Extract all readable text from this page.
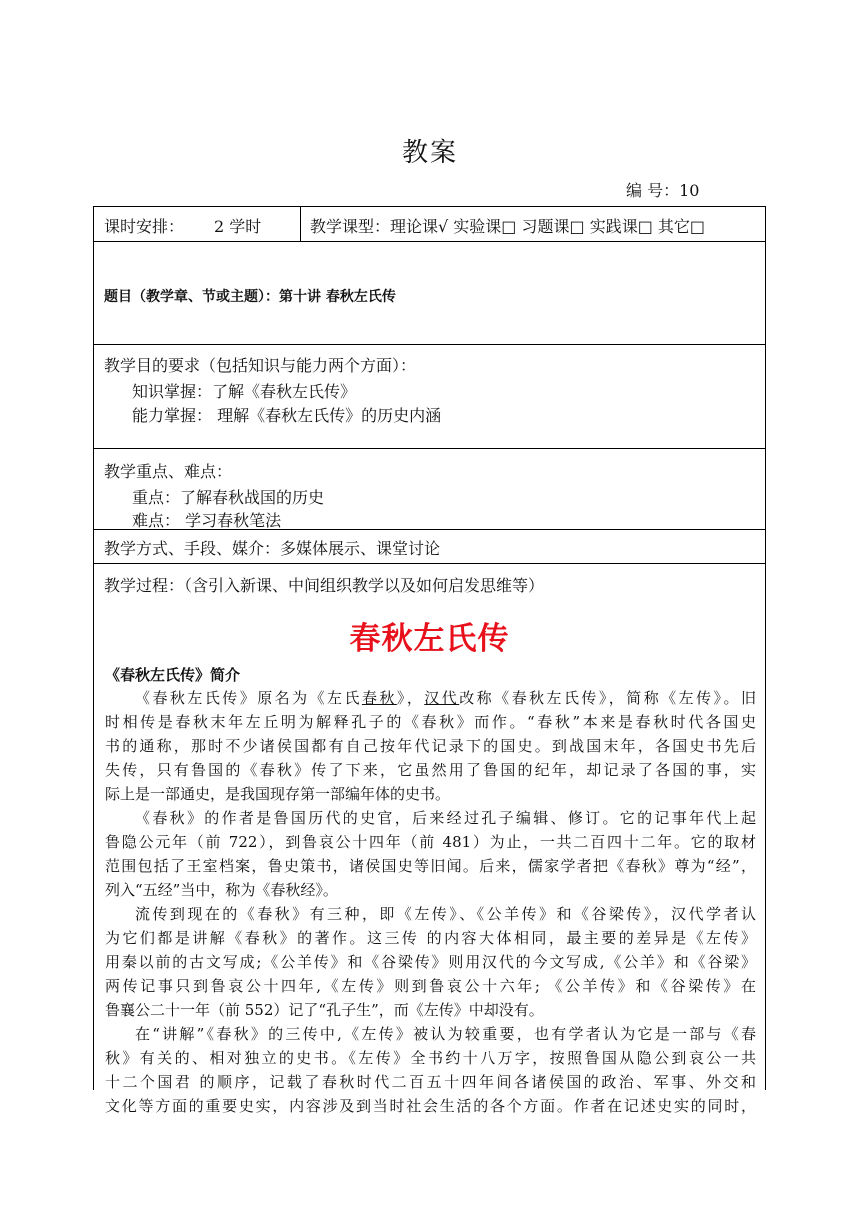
教案
编 号：10
课时安排： 2 学时	教学课型：理论课√ 实验课□ 习题课□ 实践课□ 其它□
题目（教学章、节或主题）：第十讲 春秋左氏传
教学目的要求（包括知识与能力两个方面）：
知识掌握：了解《春秋左氏传》
能力掌握： 理解《春秋左氏传》的历史内涵
教学重点、难点：
重点：了解春秋战国的历史
难点： 学习春秋笔法
教学方式、手段、媒介：多媒体展示、课堂讨论
教学过程：（含引入新课、中间组织教学以及如何启发思维等）
春秋左氏传
《春秋左氏传》简介
《春秋左氏传》原名为《左氏春秋》，汉代改称《春秋左氏传》，简称《左传》。旧
时相传是春秋末年左丘明为解释孔子的《春秋》而作。“春秋”本来是春秋时代各国史
书的通称，那时不少诸侯国都有自己按年代记录下的国史。到战国末年，各国史书先后
失传，只有鲁国的《春秋》传了下来，它虽然用了鲁国的纪年，却记录了各国的事，实
际上是一部通史，是我国现存第一部编年体的史书。
《春秋》的作者是鲁国历代的史官，后来经过孔子编辑、修订。它的记事年代上起
鲁隐公元年（前 722），到鲁哀公十四年（前 481）为止，一共二百四十二年。它的取材
范围包括了王室档案，鲁史策书，诸侯国史等旧闻。后来，儒家学者把《春秋》尊为“经”，
列入“五经”当中，称为《春秋经》。
流传到现在的《春秋》有三种，即《左传》、《公羊传》和《谷梁传》，汉代学者认
为它们都是讲解《春秋》的著作。这三传 的内容大体相同，最主要的差异是《左传》
用秦以前的古文写成;《公羊传》和《谷梁传》则用汉代的今文写成,《公羊》和《谷梁》
两传记事只到鲁哀公十四年,《左传》则到鲁哀公十六年; 《公羊传》和《谷梁传》在
鲁襄公二十一年（前 552）记了“孔子生”，而《左传》中却没有。
在“讲解”《春秋》的三传中,《左传》被认为较重要，也有学者认为它是一部与《春
秋》有关的、相对独立的史书。《左传》全书约十八万字，按照鲁国从隐公到哀公一共
十二个国君 的顺序，记载了春秋时代二百五十四年间各诸侯国的政治、军事、外交和
文化等方面的重要史实，内容涉及到当时社会生活的各个方面。作者在记述史实的同时，
